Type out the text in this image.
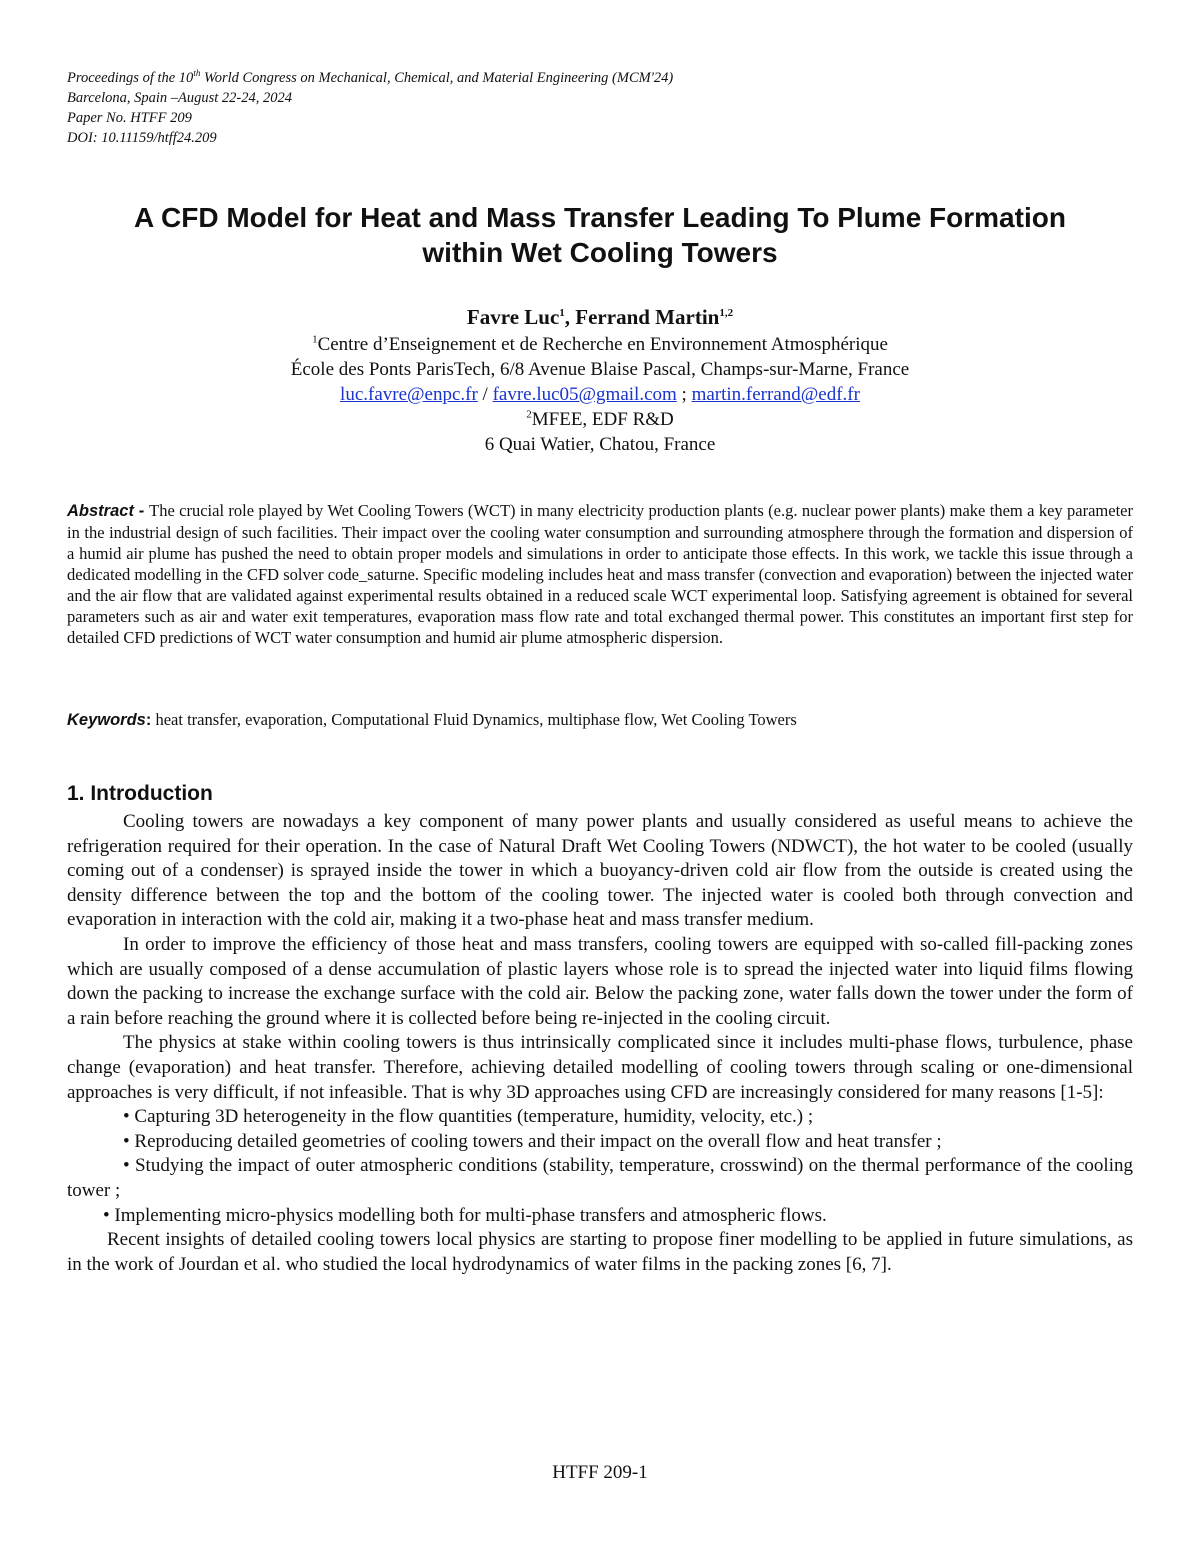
Proceedings of the 10th World Congress on Mechanical, Chemical, and Material Engineering (MCM'24)
Barcelona, Spain –August 22-24, 2024
Paper No. HTFF 209
DOI: 10.11159/htff24.209
A CFD Model for Heat and Mass Transfer Leading To Plume Formation
within Wet Cooling Towers
Favre Luc$^1$, Ferrand Martin$^{1,2}$
$^1$Centre d’Enseignement et de Recherche en Environnement Atmosphérique
École des Ponts ParisTech, 6/8 Avenue Blaise Pascal, Champs-sur-Marne, France
luc.favre@enpc.fr / favre.luc05@gmail.com ; martin.ferrand@edf.fr
$^2$MFEE, EDF R&D
6 Quai Watier, Chatou, France
Abstract - The crucial role played by Wet Cooling Towers (WCT) in many electricity production plants (e.g. nuclear power plants) make them a key parameter in the industrial design of such facilities. Their impact over the cooling water consumption and surrounding atmosphere through the formation and dispersion of a humid air plume has pushed the need to obtain proper models and simulations in order to anticipate those effects. In this work, we tackle this issue through a dedicated modelling in the CFD solver code_saturne. Specific modeling includes heat and mass transfer (convection and evaporation) between the injected water and the air flow that are validated against experimental results obtained in a reduced scale WCT experimental loop. Satisfying agreement is obtained for several parameters such as air and water exit temperatures, evaporation mass flow rate and total exchanged thermal power. This constitutes an important first step for detailed CFD predictions of WCT water consumption and humid air plume atmospheric dispersion.
Keywords: heat transfer, evaporation, Computational Fluid Dynamics, multiphase flow, Wet Cooling Towers
1. Introduction

Cooling towers are nowadays a key component of many power plants and usually considered as useful means to achieve the refrigeration required for their operation. In the case of Natural Draft Wet Cooling Towers (NDWCT), the hot water to be cooled (usually coming out of a condenser) is sprayed inside the tower in which a buoyancy-driven cold air flow from the outside is created using the density difference between the top and the bottom of the cooling tower. The injected water is cooled both through convection and evaporation in interaction with the cold air, making it a two-phase heat and mass transfer medium.

In order to improve the efficiency of those heat and mass transfers, cooling towers are equipped with so-called fill-packing zones which are usually composed of a dense accumulation of plastic layers whose role is to spread the injected water into liquid films flowing down the packing to increase the exchange surface with the cold air. Below the packing zone, water falls down the tower under the form of a rain before reaching the ground where it is collected before being re-injected in the cooling circuit.

The physics at stake within cooling towers is thus intrinsically complicated since it includes multi-phase flows, turbulence, phase change (evaporation) and heat transfer. Therefore, achieving detailed modelling of cooling towers through scaling or one-dimensional approaches is very difficult, if not infeasible. That is why 3D approaches using CFD are increasingly considered for many reasons [1-5]:

• Capturing 3D heterogeneity in the flow quantities (temperature, humidity, velocity, etc.) ;
• Reproducing detailed geometries of cooling towers and their impact on the overall flow and heat transfer ;

• Studying the impact of outer atmospheric conditions (stability, temperature, crosswind) on the thermal performance of the cooling tower ;

• Implementing micro-physics modelling both for multi-phase transfers and atmospheric flows.

Recent insights of detailed cooling towers local physics are starting to propose finer modelling to be applied in future simulations, as in the work of Jourdan et al. who studied the local hydrodynamics of water films in the packing zones [6, 7].

HTFF 209-1
